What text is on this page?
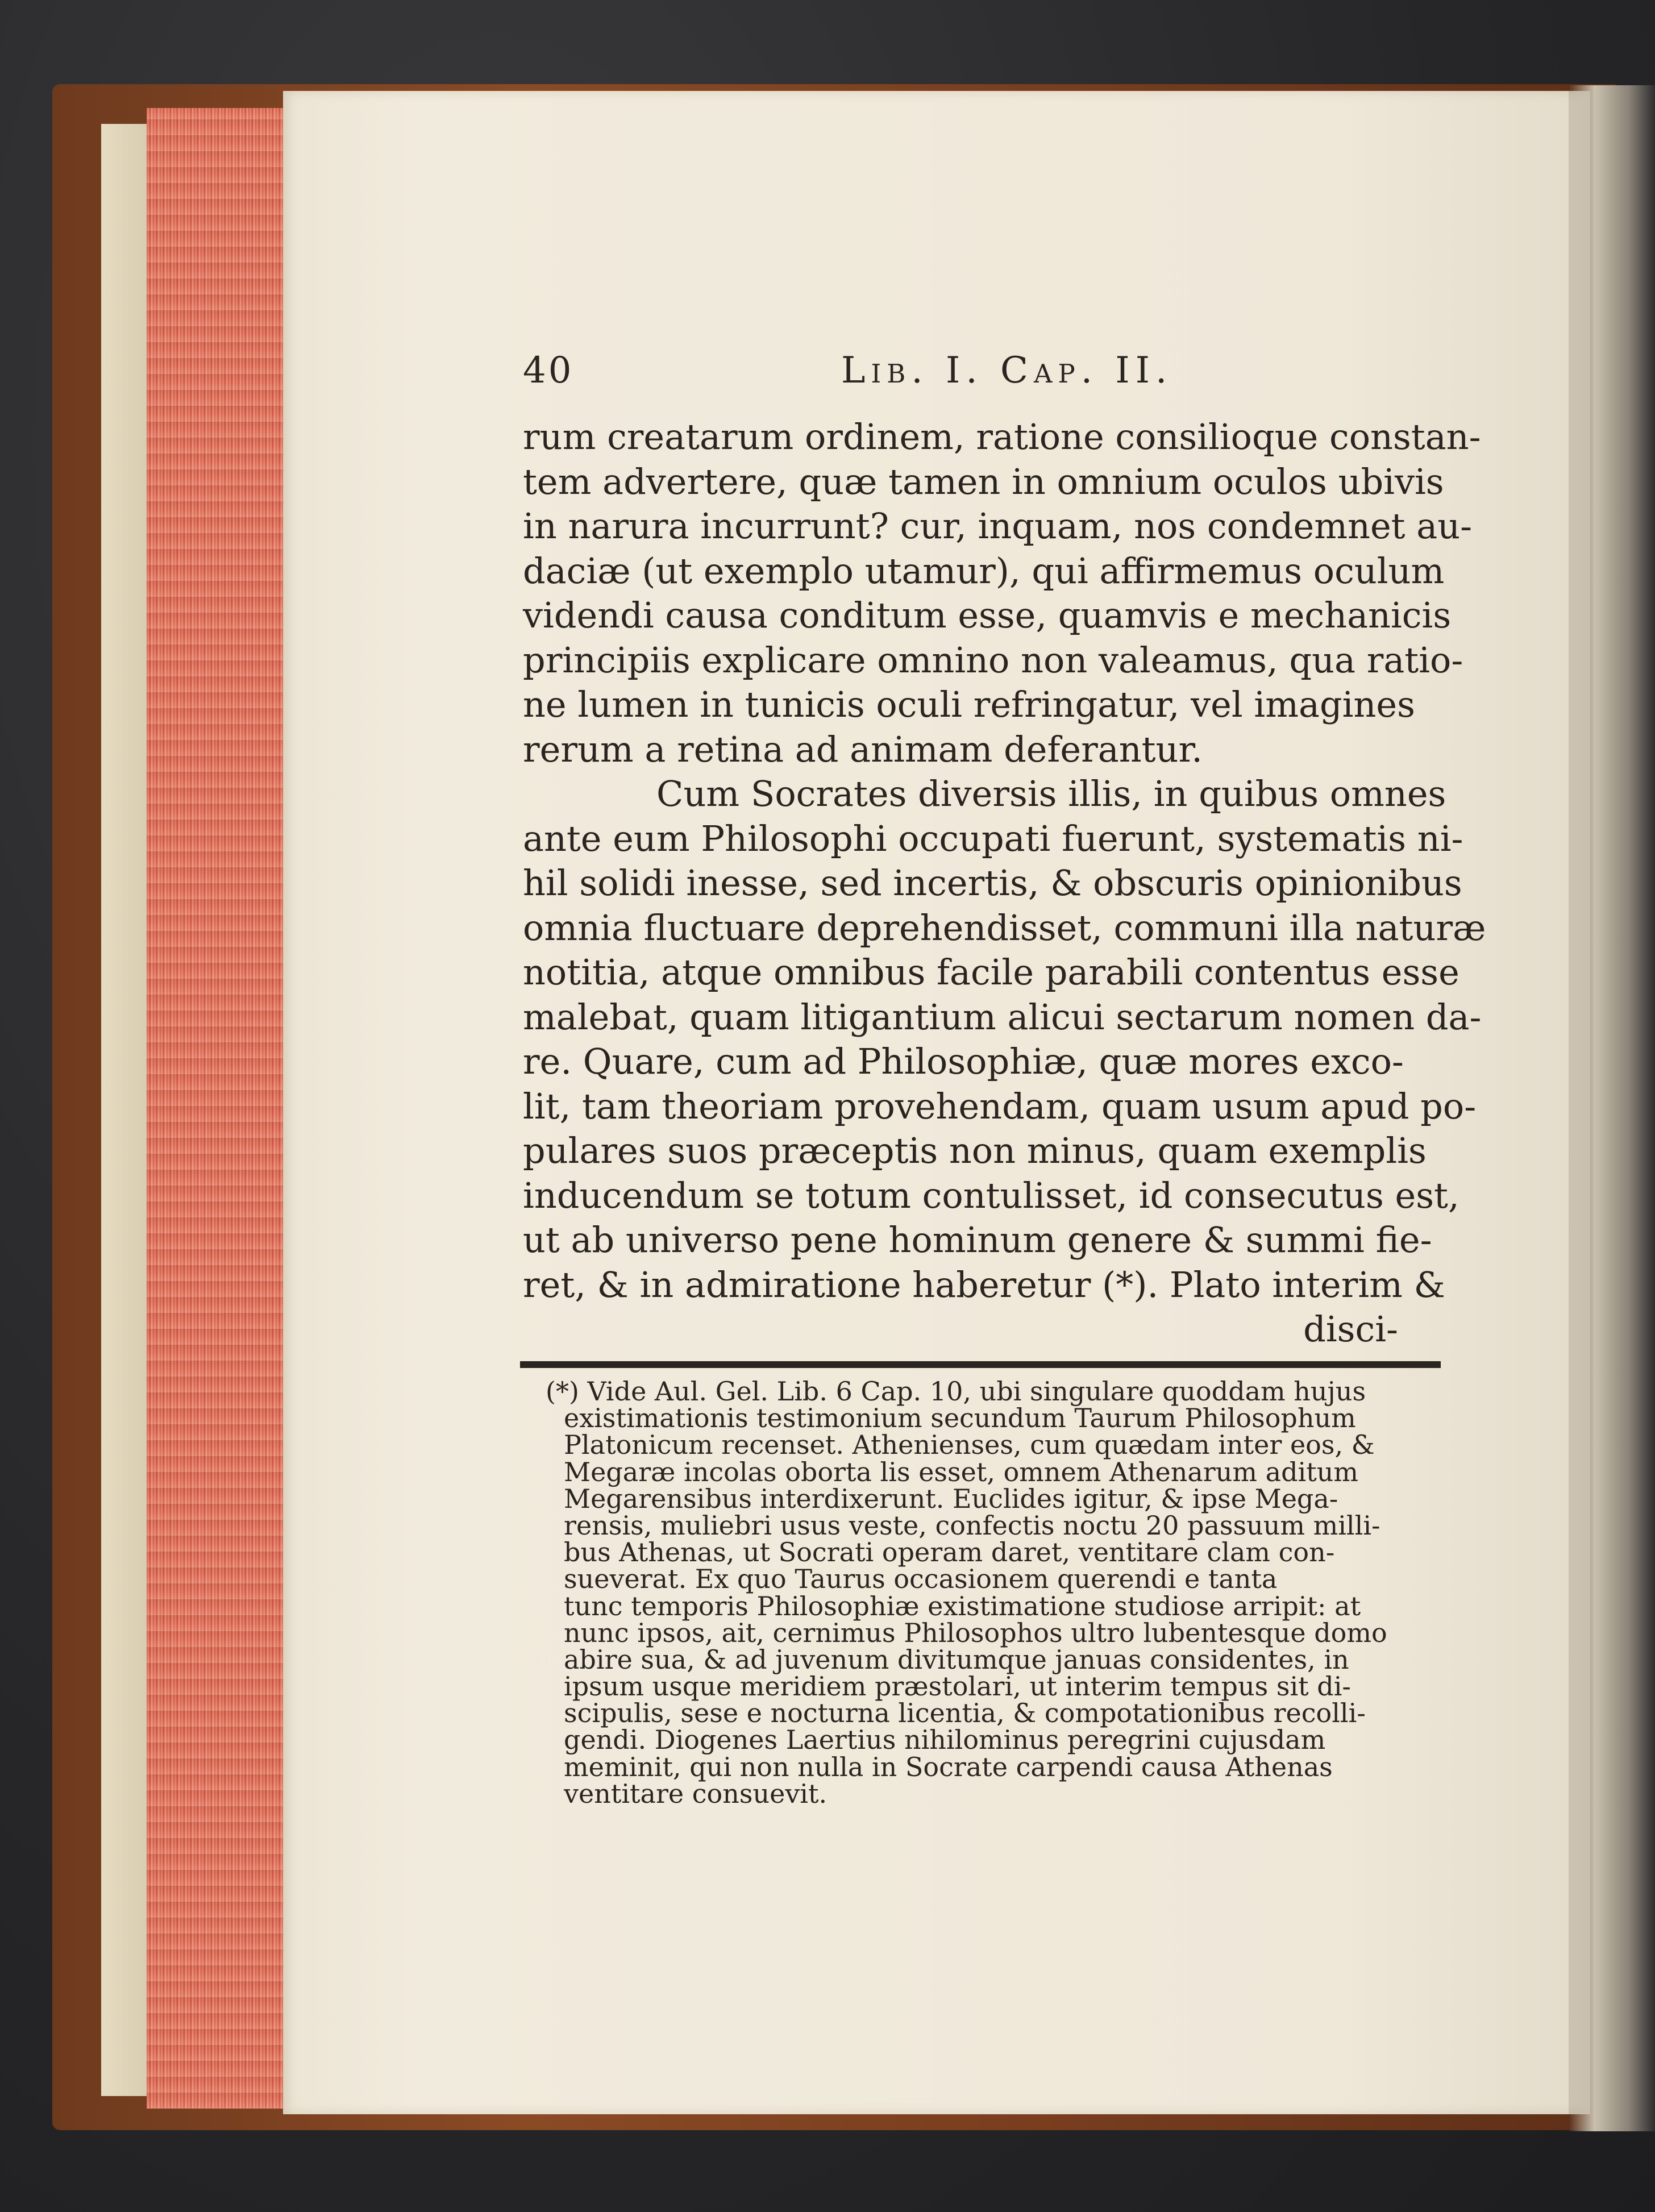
40	Lib. I. Cap. II.
rum creatarum ordinem, ratione consilioque constan-
tem advertere, quæ tamen in omnium oculos ubivis
in narura incurrunt? cur, inquam, nos condemnet au-
daciæ (ut exemplo utamur), qui affirmemus oculum
videndi causa conditum esse, quamvis e mechanicis
principiis explicare omnino non valeamus, qua ratio-
ne lumen in tunicis oculi refringatur, vel imagines
rerum a retina ad animam deferantur.
Cum Socrates diversis illis, in quibus omnes
ante eum Philosophi occupati fuerunt, systematis ni-
hil solidi inesse, sed incertis, & obscuris opinionibus
omnia fluctuare deprehendisset, communi illa naturæ
notitia, atque omnibus facile parabili contentus esse
malebat, quam litigantium alicui sectarum nomen da-
re. Quare, cum ad Philosophiæ, quæ mores exco-
lit, tam theoriam provehendam, quam usum apud po-
pulares suos præceptis non minus, quam exemplis
inducendum se totum contulisset, id consecutus est,
ut ab universo pene hominum genere & summi fie-
ret, & in admiratione haberetur (*). Plato interim &
disci-
(*) Vide Aul. Gel. Lib. 6 Cap. 10, ubi singulare quoddam hujus
existimationis testimonium secundum Taurum Philosophum
Platonicum recenset. Athenienses, cum quædam inter eos, &
Megaræ incolas oborta lis esset, omnem Athenarum aditum
Megarensibus interdixerunt. Euclides igitur, & ipse Mega-
rensis, muliebri usus veste, confectis noctu 20 passuum milli-
bus Athenas, ut Socrati operam daret, ventitare clam con-
sueverat. Ex quo Taurus occasionem querendi e tanta
tunc temporis Philosophiæ existimatione studiose arripit: at
nunc ipsos, ait, cernimus Philosophos ultro lubentesque domo
abire sua, & ad juvenum divitumque januas considentes, in
ipsum usque meridiem præstolari, ut interim tempus sit di-
scipulis, sese e nocturna licentia, & compotationibus recolli-
gendi. Diogenes Laertius nihilominus peregrini cujusdam
meminit, qui non nulla in Socrate carpendi causa Athenas
ventitare consuevit.
